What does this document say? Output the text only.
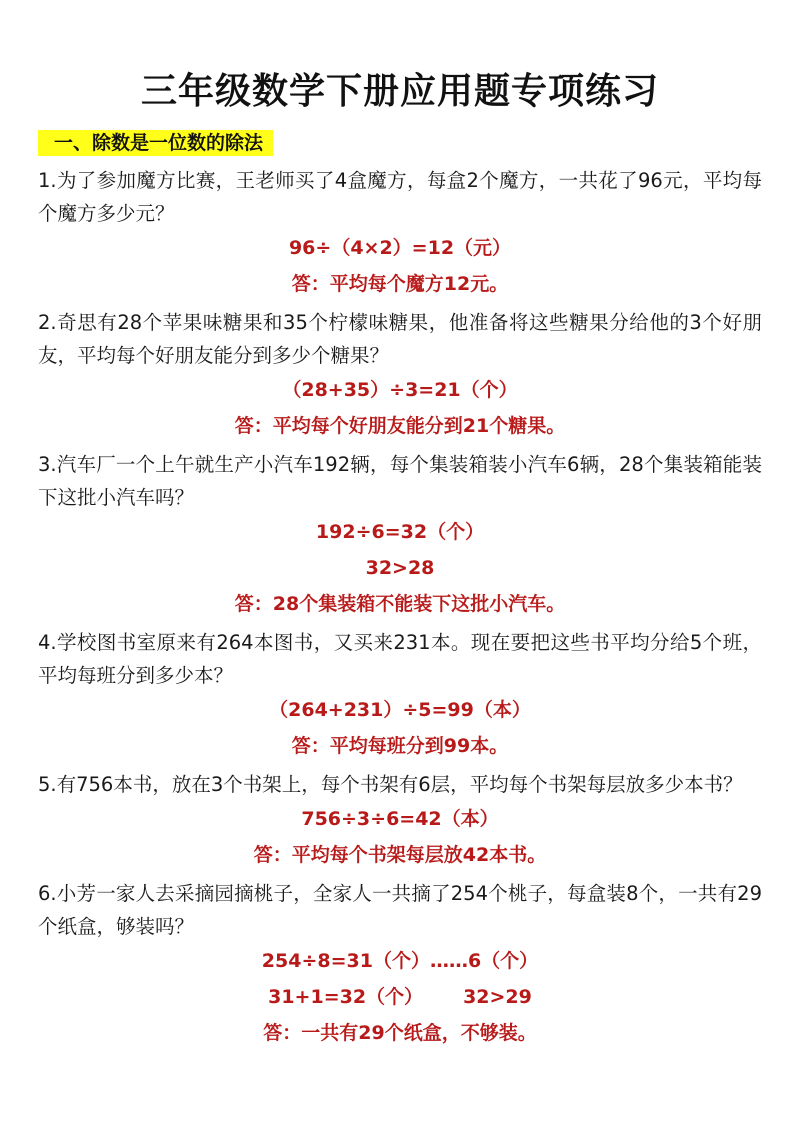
三年级数学下册应用题专项练习
一、除数是一位数的除法

1.为了参加魔方比赛，王老师买了4盒魔方，每盒2个魔方，一共花了96元，平均每个魔方多少元？

96÷（4×2）=12（元）

答：平均每个魔方12元。

2.奇思有28个苹果味糖果和35个柠檬味糖果，他准备将这些糖果分给他的3个好朋友，平均每个好朋友能分到多少个糖果？

（28+35）÷3=21（个）

答：平均每个好朋友能分到21个糖果。

3.汽车厂一个上午就生产小汽车192辆，每个集装箱装小汽车6辆，28个集装箱能装下这批小汽车吗？

192÷6=32（个）

32>28

答：28个集装箱不能装下这批小汽车。

4.学校图书室原来有264本图书，又买来231本。现在要把这些书平均分给5个班，平均每班分到多少本？

（264+231）÷5=99（本）

答：平均每班分到99本。

5.有756本书，放在3个书架上，每个书架有6层，平均每个书架每层放多少本书？

756÷3÷6=42（本）

答：平均每个书架每层放42本书。

6.小芳一家人去采摘园摘桃子，全家人一共摘了254个桃子，每盒装8个，一共有29个纸盒，够装吗？

254÷8=31（个）……6（个）

31+1=32（个） 32>29

答：一共有29个纸盒，不够装。
